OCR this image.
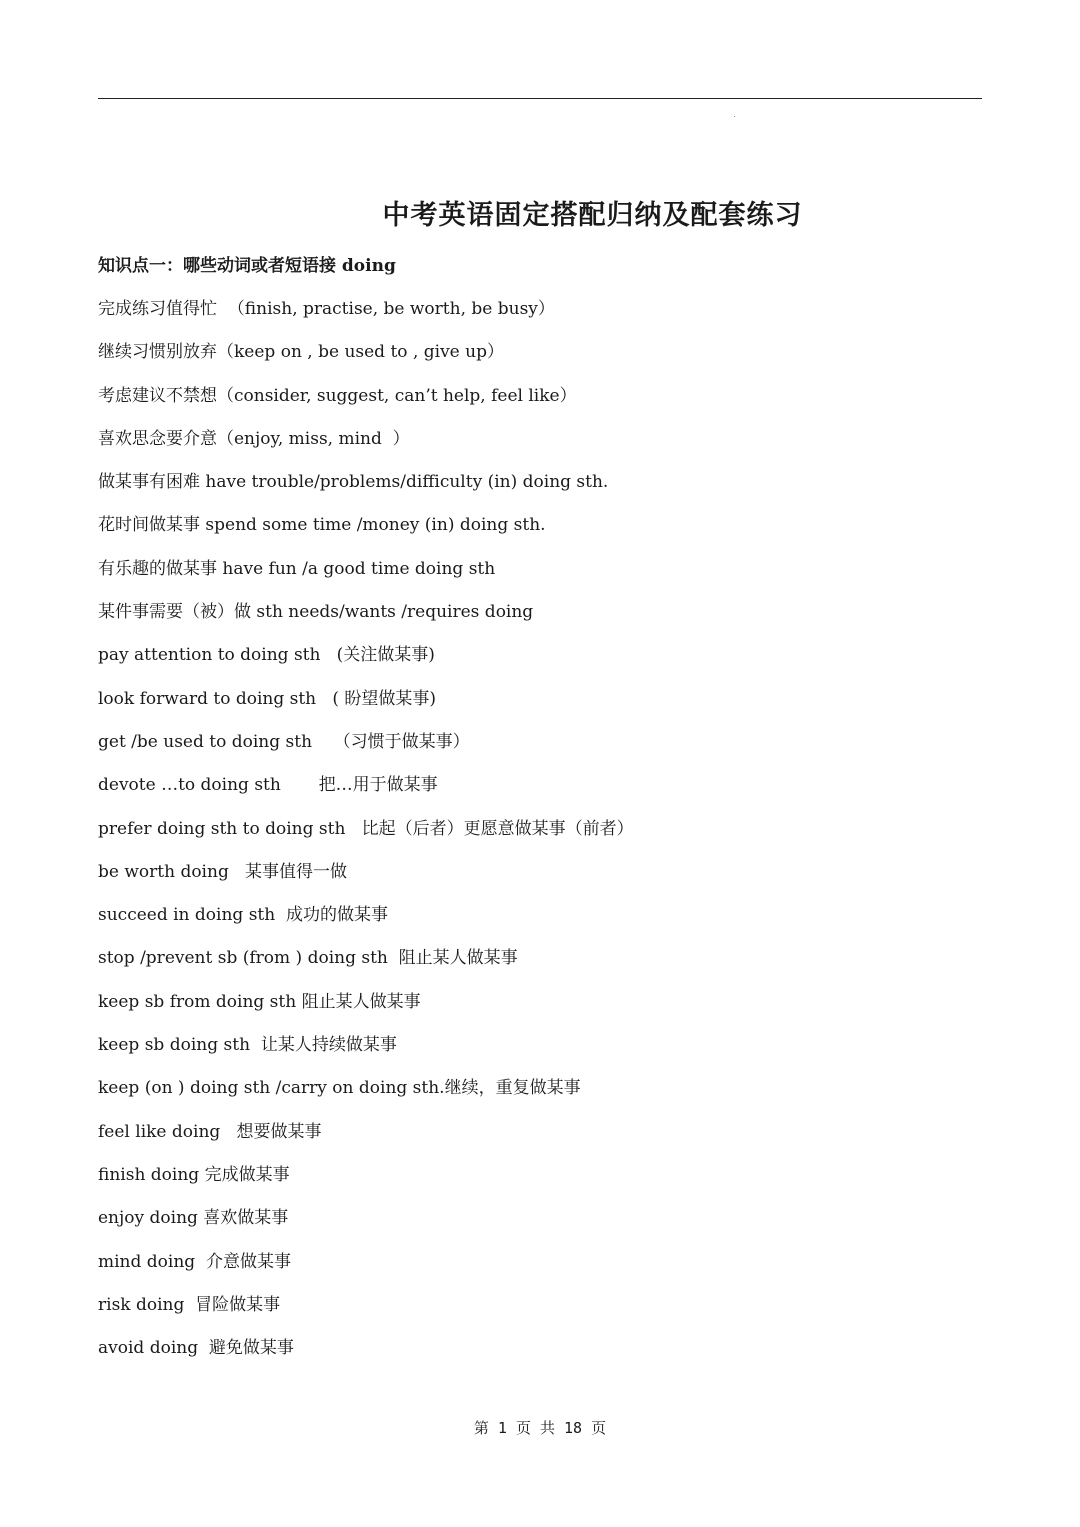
中考英语固定搭配归纳及配套练习
知识点一：哪些动词或者短语接 doing
完成练习值得忙  （finish, practise, be worth, be busy）
继续习惯别放弃（keep on , be used to , give up）
考虑建议不禁想（consider, suggest, can’t help, feel like）
喜欢思念要介意（enjoy, miss, mind  ）
做某事有困难 have trouble/problems/difficulty (in) doing sth.
花时间做某事 spend some time /money (in) doing sth.
有乐趣的做某事 have fun /a good time doing sth
某件事需要（被）做 sth needs/wants /requires doing
pay attention to doing sth   (关注做某事)
look forward to doing sth   ( 盼望做某事)
get /be used to doing sth    （习惯于做某事）
devote …to doing sth       把…用于做某事
prefer doing sth to doing sth   比起（后者）更愿意做某事（前者）
be worth doing   某事值得一做
succeed in doing sth  成功的做某事
stop /prevent sb (from ) doing sth  阻止某人做某事
keep sb from doing sth 阻止某人做某事
keep sb doing sth  让某人持续做某事
keep (on ) doing sth /carry on doing sth.继续，重复做某事
feel like doing   想要做某事
finish doing 完成做某事
enjoy doing 喜欢做某事
mind doing  介意做某事
risk doing  冒险做某事
avoid doing  避免做某事
第 1 页 共 18 页
